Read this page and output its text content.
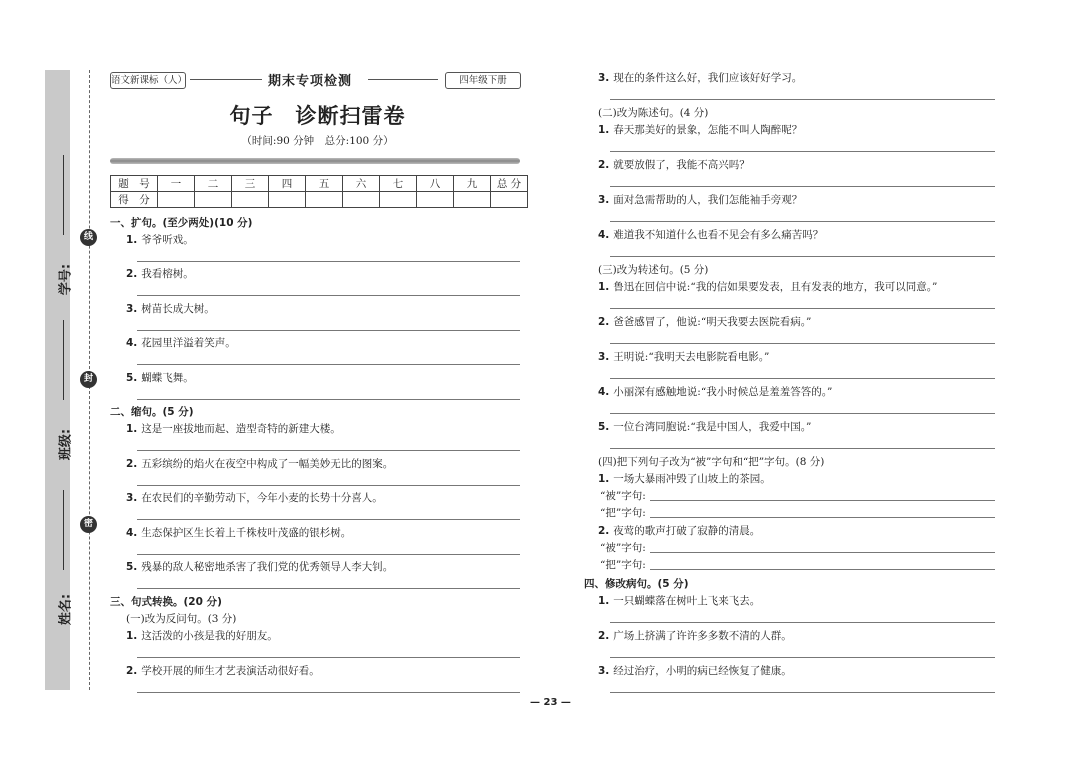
学号:
班级:
姓名:
线
封
密
语文新课标（人）	期末专项检测	四年级下册
句子　诊断扫雷卷
（时间:90 分钟　总分:100 分）
题　号	一	二	三	四	五	六	七	八	九	总 分
得　分										
一、扩句。(至少两处)(10 分)
1. 爷爷听戏。
2. 我看榕树。
3. 树苗长成大树。
4. 花园里洋溢着笑声。
5. 蝴蝶飞舞。
二、缩句。(5 分)
1. 这是一座拔地而起、造型奇特的新建大楼。
2. 五彩缤纷的焰火在夜空中构成了一幅美妙无比的图案。
3. 在农民们的辛勤劳动下，今年小麦的长势十分喜人。
4. 生态保护区生长着上千株枝叶茂盛的银杉树。
5. 残暴的敌人秘密地杀害了我们党的优秀领导人李大钊。
三、句式转换。(20 分)
(一)改为反问句。(3 分)
1. 这活泼的小孩是我的好朋友。
2. 学校开展的师生才艺表演活动很好看。
3. 现在的条件这么好，我们应该好好学习。
(二)改为陈述句。(4 分)
1. 春天那美好的景象，怎能不叫人陶醉呢？
2. 就要放假了，我能不高兴吗？
3. 面对急需帮助的人，我们怎能袖手旁观？
4. 难道我不知道什么也看不见会有多么痛苦吗？
(三)改为转述句。(5 分)
1. 鲁迅在回信中说:“我的信如果要发表，且有发表的地方，我可以同意。”
2. 爸爸感冒了，他说:“明天我要去医院看病。”
3. 王明说:“我明天去电影院看电影。”
4. 小丽深有感触地说:“我小时候总是羞羞答答的。”
5. 一位台湾同胞说:“我是中国人，我爱中国。”
(四)把下列句子改为“被”字句和“把”字句。(8 分)
1. 一场大暴雨冲毁了山坡上的茶园。
“被”字句:
“把”字句:
2. 夜莺的歌声打破了寂静的清晨。
“被”字句:
“把”字句:
四、修改病句。(5 分)
1. 一只蝴蝶落在树叶上飞来飞去。
2. 广场上挤满了许许多多数不清的人群。
3. 经过治疗，小明的病已经恢复了健康。
— 23 —
